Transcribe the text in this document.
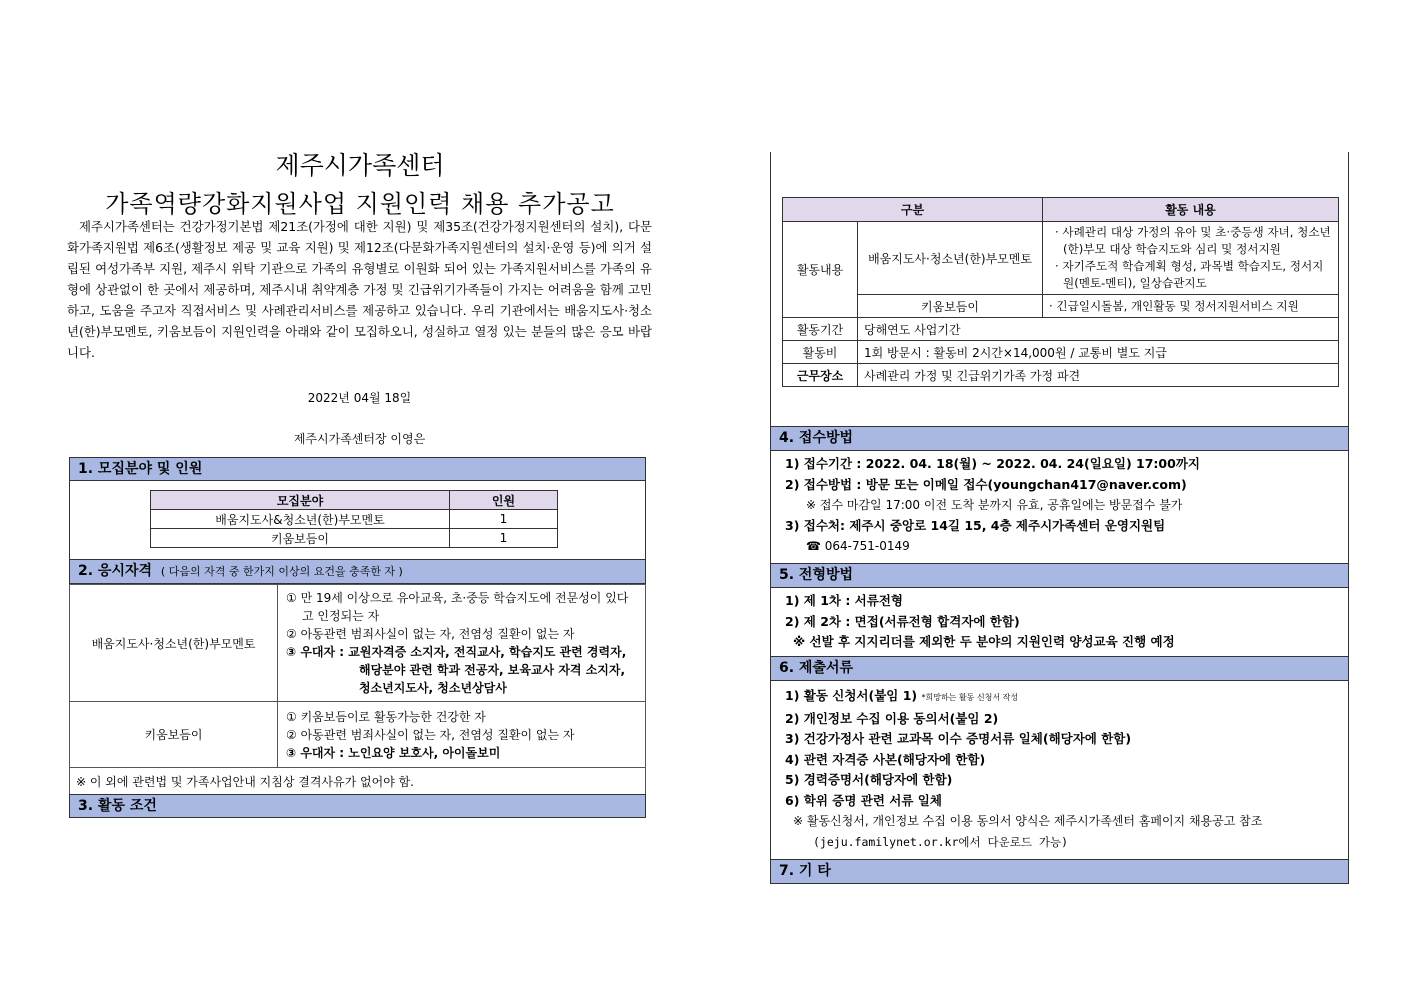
제주시가족센터
가족역량강화지원사업 지원인력 채용 추가공고
제주시가족센터는 건강가정기본법 제21조(가정에 대한 지원) 및 제35조(건강가정지원센터의 설치), 다문화가족지원법 제6조(생활정보 제공 및 교육 지원) 및 제12조(다문화가족지원센터의 설치·운영 등)에 의거 설립된 여성가족부 지원, 제주시 위탁 기관으로 가족의 유형별로 이원화 되어 있는 가족지원서비스를 가족의 유형에 상관없이 한 곳에서 제공하며, 제주시내 취약계층 가정 및 긴급위기가족들이 가지는 어려움을 함께 고민하고, 도움을 주고자 직접서비스 및 사례관리서비스를 제공하고 있습니다. 우리 기관에서는 배움지도사·청소년(한)부모멘토, 키움보듬이 지원인력을 아래와 같이 모집하오니, 성실하고 열정 있는 분들의 많은 응모 바랍니다.
2022년 04월 18일
제주시가족센터장 이영은
1. 모집분야 및 인원
모집분야	인원
배움지도사&청소년(한)부모멘토	1
키움보듬이	1
2. 응시자격 ( 다음의 자격 중 한가지 이상의 요건을 충족한 자 )
배움지도사·청소년(한)부모멘토	① 만 19세 이상으로 유아교육, 초·중등 학습지도에 전문성이 있다고 인정되는 자
② 아동관련 범죄사실이 없는 자, 전염성 질환이 없는 자
③ 우대자 : 교원자격증 소지자, 전직교사, 학습지도 관련 경력자, 해당분야 관련 학과 전공자, 보육교사 자격 소지자, 청소년지도사, 청소년상담사

키움보듬이	① 키움보듬이로 활동가능한 건강한 자
② 아동관련 범죄사실이 없는 자, 전염성 질환이 없는 자
③ 우대자 : 노인요양 보호사, 아이돌보미

※ 이 외에 관련법 및 가족사업안내 지침상 결격사유가 없어야 함.	
3. 활동 조건
구분		활동 내용
활동내용	배움지도사·청소년(한)부모멘토	· 사례관리 대상 가정의 유아 및 초·중등생 자녀, 청소년(한)부모 대상 학습지도와 심리 및 정서지원
· 자기주도적 학습계획 형성, 과목별 학습지도, 정서지원(멘토-멘티), 일상습관지도

	키움보듬이	· 긴급일시돌봄, 개인활동 및 정서지원서비스 지원
활동기간	당해연도 사업기간	
활동비	1회 방문시 : 활동비 2시간×14,000원 / 교통비 별도 지급	
근무장소	사례관리 가정 및 긴급위기가족 가정 파견	
4. 접수방법
1) 접수기간 : 2022. 04. 18(월) ~ 2022. 04. 24(일요일) 17:00까지
2) 접수방법 : 방문 또는 이메일 접수(youngchan417@naver.com)
※ 접수 마감일 17:00 이전 도착 분까지 유효, 공휴일에는 방문접수 불가
3) 접수처: 제주시 중앙로 14길 15, 4층 제주시가족센터 운영지원팀
☎ 064-751-0149
5. 전형방법
1) 제 1차 : 서류전형
2) 제 2차 : 면접(서류전형 합격자에 한함)
※ 선발 후 지지리더를 제외한 두 분야의 지원인력 양성교육 진행 예정
6. 제출서류
1) 활동 신청서(붙임 1) *희망하는 활동 신청서 작성
2) 개인정보 수집 이용 동의서(붙임 2)
3) 건강가정사 관련 교과목 이수 증명서류 일체(해당자에 한함)
4) 관련 자격증 사본(해당자에 한함)
5) 경력증명서(해당자에 한함)
6) 학위 증명 관련 서류 일체
※ 활동신청서, 개인정보 수집 이용 동의서 양식은 제주시가족센터 홈페이지 채용공고 참조
(jeju.familynet.or.kr에서 다운로드 가능)
7. 기 타
